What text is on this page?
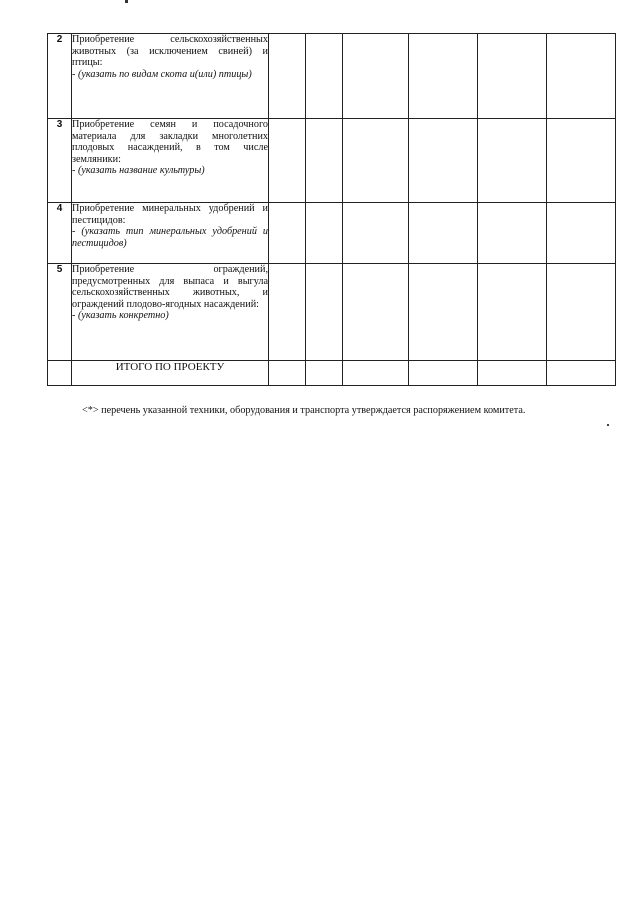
2	Приобретение сельскохозяйственных животных (за исключением свиней) и птицы:
- (указать по видам скота и(или) птицы)						

3	Приобретение семян и посадочного материала для закладки многолетних плодовых насаждений, в том числе земляники:
- (указать название культуры)						

4	Приобретение минеральных удобрений и пестицидов:
- (указать тип минеральных удобрений и пестицидов)						

5	Приобретение ограждений, предусмотренных для выпаса и выгула сельскохозяйственных животных, и ограждений плодово-ягодных насаждений:
- (указать конкретно)						

	ИТОГО ПО ПРОЕКТУ						
<*> перечень указанной техники, оборудования и транспорта утверждается распоряжением комитета.
